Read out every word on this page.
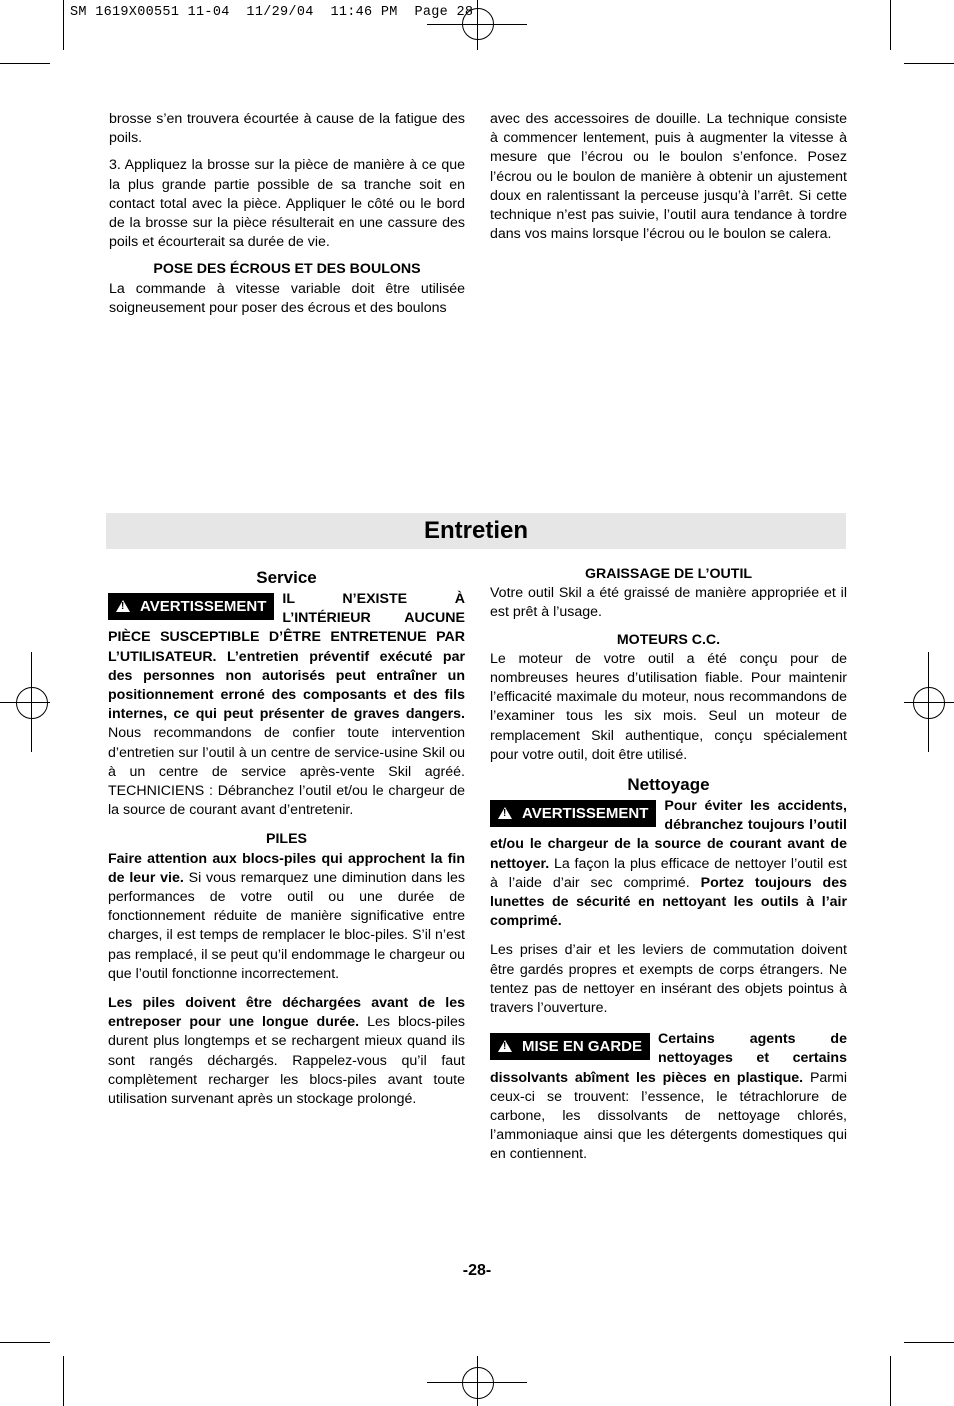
SM 1619X00551 11-04  11/29/04  11:46 PM  Page 28

brosse s’en trouvera écourtée à cause de la fatigue des poils.

3. Appliquez la brosse sur la pièce de manière à ce que la plus grande partie possible de sa tranche soit en contact total avec la pièce. Appliquer le côté ou le bord de la brosse sur la pièce résulterait en une cassure des poils et écourterait sa durée de vie.

POSE DES ÉCROUS ET DES BOULONS

La commande à vitesse variable doit être utilisée soigneusement pour poser des écrous et des boulons

avec des accessoires de douille. La technique consiste à commencer lentement, puis à augmenter la vitesse à mesure que l’écrou ou le boulon s’enfonce. Posez l’écrou ou le boulon de manière à obtenir un ajustement doux en ralentissant la perceuse jusqu’à l’arrêt. Si cette technique n’est pas suivie, l’outil aura tendance à tordre dans vos mains lorsque l’écrou ou le boulon se calera.

Entretien
Service

!AVERTISSEMENT	IL N’EXISTE À L’INTÉRIEUR AUCUNE PIÈCE SUSCEPTIBLE D’ÊTRE ENTRETENUE PAR L’UTILISATEUR. L’entretien préventif exécuté par des personnes non autorisés peut entraîner un positionnement erroné des composants et des fils internes, ce qui peut présenter de graves dangers. Nous recommandons de confier toute intervention d’entretien sur l’outil à un centre de service-usine Skil ou à un centre de service après-vente Skil agréé. TECHNICIENS : Débranchez l’outil et/ou le chargeur de la source de courant avant d’entretenir.

PILES

Faire attention aux blocs-piles qui approchent la fin de leur vie. Si vous remarquez une diminution dans les performances de votre outil ou une durée de fonctionnement réduite de manière significative entre charges, il est temps de remplacer le bloc-piles. S’il n’est pas remplacé, il se peut qu’il endommage le chargeur ou que l’outil fonctionne incorrectement.

Les piles doivent être déchargées avant de les entreposer pour une longue durée. Les blocs-piles durent plus longtemps et se rechargent mieux quand ils sont rangés déchargés. Rappelez-vous qu’il faut complètement recharger les blocs-piles avant toute utilisation survenant après un stockage prolongé.

GRAISSAGE DE L’OUTIL

Votre outil Skil a été graissé de manière appropriée et il est prêt à l’usage.

MOTEURS C.C.

Le moteur de votre outil a été conçu pour de nombreuses heures d’utilisation fiable. Pour maintenir l’efficacité maximale du moteur, nous recommandons de l’examiner tous les six mois. Seul un moteur de remplacement Skil authentique, conçu spécialement pour votre outil, doit être utilisé.

Nettoyage

!AVERTISSEMENT	Pour éviter les accidents, débranchez toujours l’outil et/ou le chargeur de la source de courant avant de nettoyer. La façon la plus efficace de nettoyer l’outil est à l’aide d’air sec comprimé. Portez toujours des lunettes de sécurité en nettoyant les outils à l’air comprimé.

Les prises d’air et les leviers de commutation doivent être gardés propres et exempts de corps étrangers. Ne tentez pas de nettoyer en insérant des objets pointus à travers l’ouverture.

!MISE EN GARDE	Certains agents de nettoyages et certains dissolvants abîment les pièces en plastique. Parmi ceux-ci se trouvent: l’essence, le tétrachlorure de carbone, les dissolvants de nettoyage chlorés, l’ammoniaque ainsi que les détergents domestiques qui en contiennent.

-28-
